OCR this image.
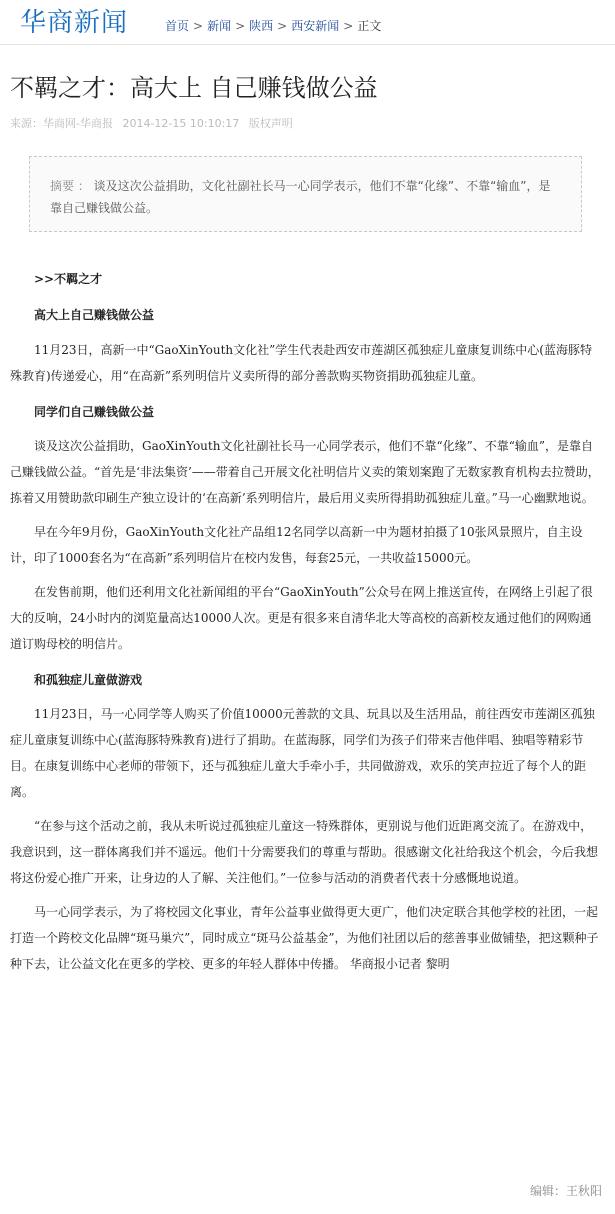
华商新闻	首页 > 新闻 > 陕西 > 西安新闻 > 正文
不羁之才：高大上 自己赚钱做公益
来源：华商网-华商报 2014-12-15 10:10:17 版权声明
摘要 ： 谈及这次公益捐助，文化社副社长马一心同学表示，他们不靠“化缘”、不靠“输血”，是靠自己赚钱做公益。

>>不羁之才

高大上自己赚钱做公益

11月23日，高新一中“GaoXinYouth文化社”学生代表赴西安市莲湖区孤独症儿童康复训练中心(蓝海豚特殊教育)传递爱心，用“在高新”系列明信片义卖所得的部分善款购买物资捐助孤独症儿童。

同学们自己赚钱做公益

谈及这次公益捐助，GaoXinYouth文化社副社长马一心同学表示，他们不靠“化缘”、不靠“输血”，是靠自己赚钱做公益。“首先是‘非法集资’——带着自己开展文化社明信片义卖的策划案跑了无数家教育机构去拉赞助，拣着又用赞助款印刷生产独立设计的‘在高新’系列明信片，最后用义卖所得捐助孤独症儿童。”马一心幽默地说。

早在今年9月份，GaoXinYouth文化社产品组12名同学以高新一中为题材拍摄了10张风景照片，自主设计，印了1000套名为“在高新”系列明信片在校内发售，每套25元，一共收益15000元。

在发售前期，他们还利用文化社新闻组的平台“GaoXinYouth”公众号在网上推送宣传，在网络上引起了很大的反响，24小时内的浏览量高达10000人次。更是有很多来自清华北大等高校的高新校友通过他们的网购通道订购母校的明信片。

和孤独症儿童做游戏

11月23日，马一心同学等人购买了价值10000元善款的文具、玩具以及生活用品，前往西安市莲湖区孤独症儿童康复训练中心(蓝海豚特殊教育)进行了捐助。在蓝海豚，同学们为孩子们带来吉他伴唱、独唱等精彩节目。在康复训练中心老师的带领下，还与孤独症儿童大手牵小手，共同做游戏，欢乐的笑声拉近了每个人的距离。

“在参与这个活动之前，我从未听说过孤独症儿童这一特殊群体，更别说与他们近距离交流了。在游戏中，我意识到，这一群体离我们并不遥远。他们十分需要我们的尊重与帮助。很感谢文化社给我这个机会，今后我想将这份爱心推广开来，让身边的人了解、关注他们。”一位参与活动的消费者代表十分感慨地说道。

马一心同学表示，为了将校园文化事业，青年公益事业做得更大更广，他们决定联合其他学校的社团，一起打造一个跨校文化品牌“斑马巢穴”，同时成立“斑马公益基金”，为他们社团以后的慈善事业做铺垫，把这颗种子种下去，让公益文化在更多的学校、更多的年轻人群体中传播。 华商报小记者 黎明

编辑：王秋阳
